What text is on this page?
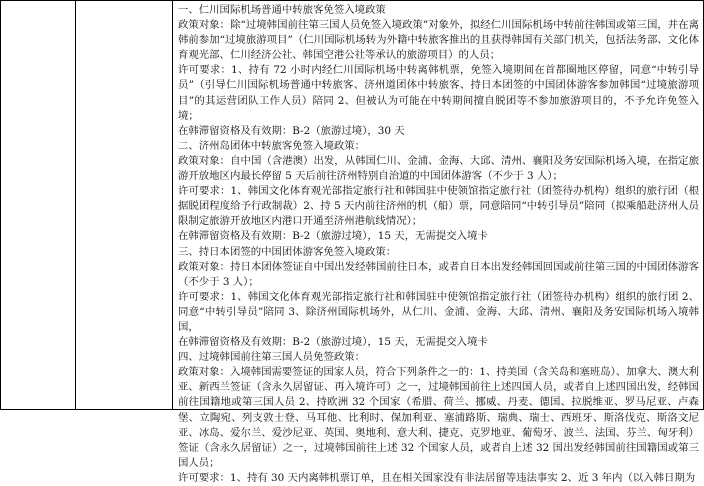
一、仁川国际机场普通中转旅客免签入境政策
政策对象：除“过境韩国前往第三国人员免签入境政策”对象外，拟经仁川国际机场中转前往韩国或第三国，并在离韩前参加“过境旅游项目”（仁川国际机场转为外籍中转旅客推出的且获得韩国有关部门机关，包括法务部、文化体育观光部、仁川经济公社、韩国空港公社等承认的旅游项目）的人员；
许可要求：1、持有 72 小时内经仁川国际机场中转离韩机票，免签入境期间在首都圈地区停留，同意“中转引导员”（引导仁川国际机场普通中转旅客、济州道团体中转旅客、持日本团签的中国团体游客参加韩国“过境旅游项目”的其运营团队工作人员）陪同 2、但被认为可能在中转期间擅自脱团等不参加旅游项目的，不予允许免签入境；
在韩滞留资格及有效期：B-2（旅游过境），30 天
二、济州岛团体中转旅客免签入境政策：
政策对象：自中国（含港澳）出发，从韩国仁川、金浦、金海、大邱、清州、襄阳及务安国际机场入境，在指定旅游开放地区内最长停留 5 天后前往济州特别自治道的中国团体游客（不少于 3 人）；
许可要求：1、韩国文化体育观光部指定旅行社和韩国驻中使领馆指定旅行社（团签待办机构）组织的旅行团（根据脱团程度给予行政制裁）2、持 5 天内前往济州的机（船）票，同意陪同“中转引导员”陪同（拟乘船赴济州人员限制定旅游开放地区内港口开通至济州港航线情况）；
在韩滞留资格及有效期：B-2（旅游过境），15 天，无需提交入境卡
三、持日本团签的中国团体游客免签入境政策：
政策对象：持日本团体签证自中国出发经韩国前往日本，或者自日本出发经韩国回国或前往第三国的中国团体游客（不少于 3 人）；
许可要求：1、韩国文化体育观光部指定旅行社和韩国驻中使领馆指定旅行社（团签待办机构）组织的旅行团 2、同意“中转引导员”陪同 3、除济州国际机场外，从仁川、金浦、金海、大邱、清州、襄阳及务安国际机场入境韩国，
在韩滞留资格及有效期：B-2（旅游过境），15 天，无需提交入境卡
四、过境韩国前往第三国人员免签政策：
政策对象：入境韩国需要签证的国家人员，符合下列条件之一的：1、持美国（含关岛和塞班岛）、加拿大、澳大利亚、新西兰签证（含永久居留证、再入境许可）之一，过境韩国前往上述四国人员，或者自上述四国出发，经韩国前往国籍地或第三国人员 2、持欧洲 32 个国家（希腊、荷兰、挪威、丹麦、德国、拉脱维亚、罗马尼亚、卢森堡、立陶宛、列支敦士登、马耳他、比利时、保加利亚、塞浦路斯、瑞典、瑞士、西班牙、斯洛伐克、斯洛文尼亚、冰岛、爱尔兰、爱沙尼亚、英国、奥地利、意大利、捷克、克罗地亚、葡萄牙、波兰、法国、芬兰、匈牙利）签证（含永久居留证）之一，过境韩国前往上述 32 个国家人员，或者自上述 32 国出发经韩国前往国籍国或第三国人员；
许可要求：1、持有 30 天内离韩机票订单，且在相关国家没有非法居留等违法事实 2、近 3 年内（以入韩日期为
